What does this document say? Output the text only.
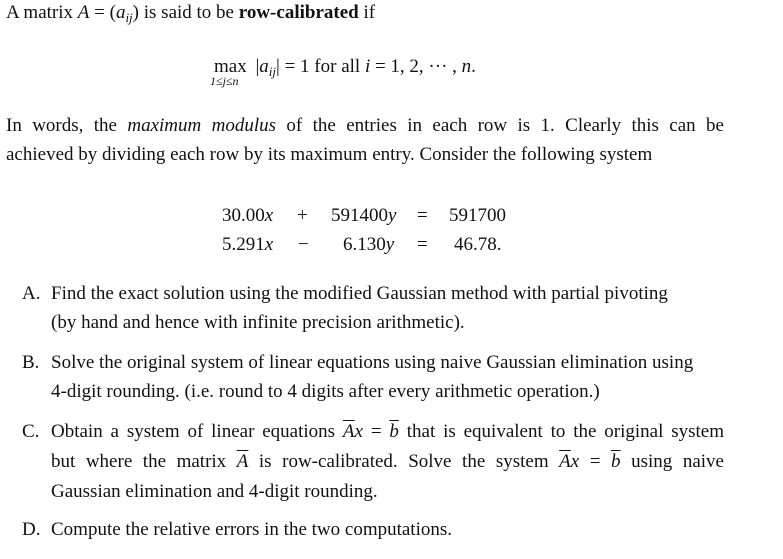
A matrix $A = (a_{ij})$ is said to be row-calibrated if
$\max |a_{ij}| = 1$ for all i = 1, 2, ··· , n.
1≤j≤n
In words, the maximum modulus of the entries in each row is 1. Clearly this can be
achieved by dividing each row by its maximum entry. Consider the following system
30.00x + 591400y = 591700
5.291x − 6.130y = 46.78.
A. Find the exact solution using the modified Gaussian method with partial pivoting
(by hand and hence with infinite precision arithmetic).
B. Solve the original system of linear equations using naive Gaussian elimination using
4-digit rounding. (i.e. round to 4 digits after every arithmetic operation.)
C. Obtain a system of linear equations $\overline{A}x = \overline{b}$ that is equivalent to the original system
but where the matrix $\overline{A}$ is row-calibrated. Solve the system $\overline{A}x = \overline{b}$ using naive
Gaussian elimination and 4-digit rounding.
D. Compute the relative errors in the two computations.
